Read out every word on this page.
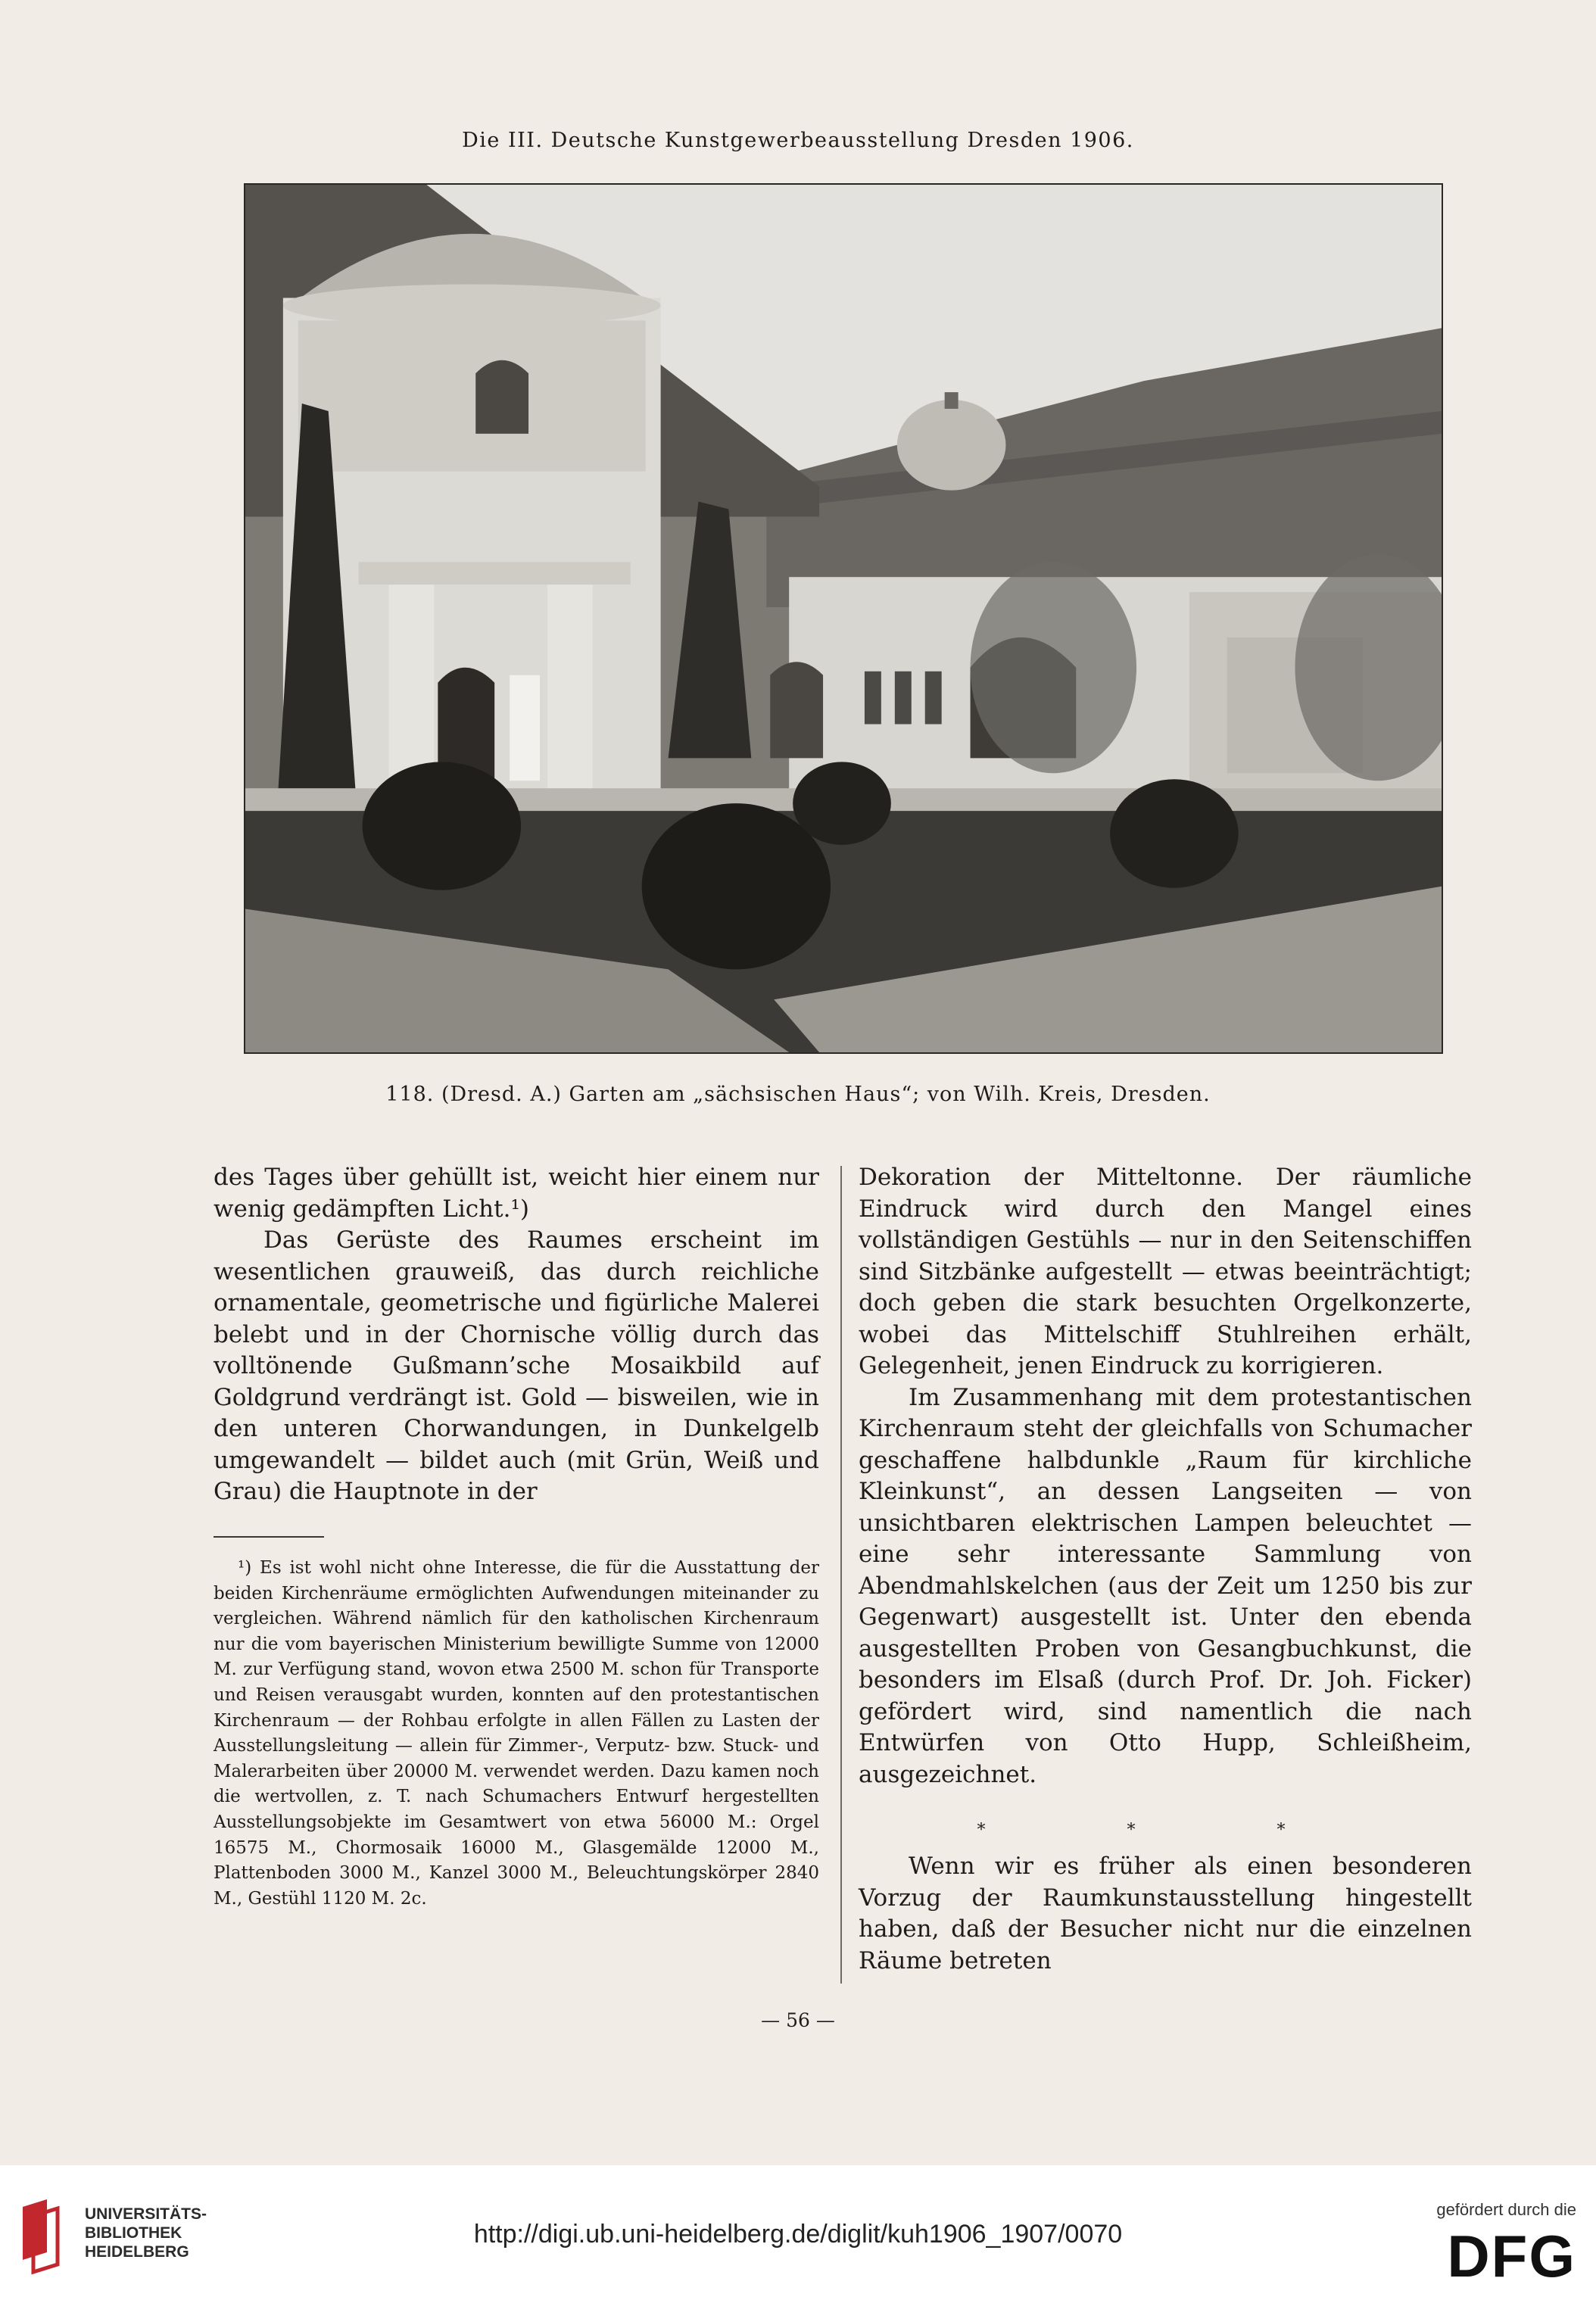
Die III. Deutsche Kunstgewerbeausstellung Dresden 1906.
118. (Dresd. A.) Garten am „sächsischen Haus“; von Wilh. Kreis, Dresden.

des Tages über gehüllt ist, weicht hier einem nur wenig gedämpften Licht.¹)

Das Gerüste des Raumes erscheint im wesentlichen grauweiß, das durch reichliche ornamentale, geometrische und figürliche Malerei belebt und in der Chornische völlig durch das volltönende Gußmann’sche Mosaikbild auf Goldgrund verdrängt ist. Gold — bisweilen, wie in den unteren Chorwandungen, in Dunkelgelb umgewandelt — bildet auch (mit Grün, Weiß und Grau) die Hauptnote in der

¹) Es ist wohl nicht ohne Interesse, die für die Ausstattung der beiden Kirchenräume ermöglichten Aufwendungen miteinander zu vergleichen. Während nämlich für den katholischen Kirchenraum nur die vom bayerischen Ministerium bewilligte Summe von 12000 M. zur Verfügung stand, wovon etwa 2500 M. schon für Transporte und Reisen verausgabt wurden, konnten auf den protestantischen Kirchenraum — der Rohbau erfolgte in allen Fällen zu Lasten der Ausstellungsleitung — allein für Zimmer-, Verputz- bzw. Stuck- und Malerarbeiten über 20000 M. verwendet werden. Dazu kamen noch die wertvollen, z. T. nach Schumachers Entwurf hergestellten Ausstellungsobjekte im Gesamtwert von etwa 56000 M.: Orgel 16575 M., Chormosaik 16000 M., Glasgemälde 12000 M., Plattenboden 3000 M., Kanzel 3000 M., Beleuchtungskörper 2840 M., Gestühl 1120 M. 2c.

Dekoration der Mitteltonne. Der räumliche Eindruck wird durch den Mangel eines vollständigen Gestühls — nur in den Seitenschiffen sind Sitzbänke aufgestellt — etwas beeinträchtigt; doch geben die stark besuchten Orgelkonzerte, wobei das Mittelschiff Stuhlreihen erhält, Gelegenheit, jenen Eindruck zu korrigieren.

Im Zusammenhang mit dem protestantischen Kirchenraum steht der gleichfalls von Schumacher geschaffene halbdunkle „Raum für kirchliche Kleinkunst“, an dessen Langseiten — von unsichtbaren elektrischen Lampen beleuchtet — eine sehr interessante Sammlung von Abendmahlskelchen (aus der Zeit um 1250 bis zur Gegenwart) ausgestellt ist. Unter den ebenda ausgestellten Proben von Gesangbuchkunst, die besonders im Elsaß (durch Prof. Dr. Joh. Ficker) gefördert wird, sind namentlich die nach Entwürfen von Otto Hupp, Schleißheim, ausgezeichnet.

Wenn wir es früher als einen besonderen Vorzug der Raumkunstausstellung hingestellt haben, daß der Besucher nicht nur die einzelnen Räume betreten

* * *
— 56 —
UNIVERSITÄTS-
BIBLIOTHEK
HEIDELBERG
http://digi.ub.uni-heidelberg.de/diglit/kuh1906_1907/0070
gefördert durch die
DFG
